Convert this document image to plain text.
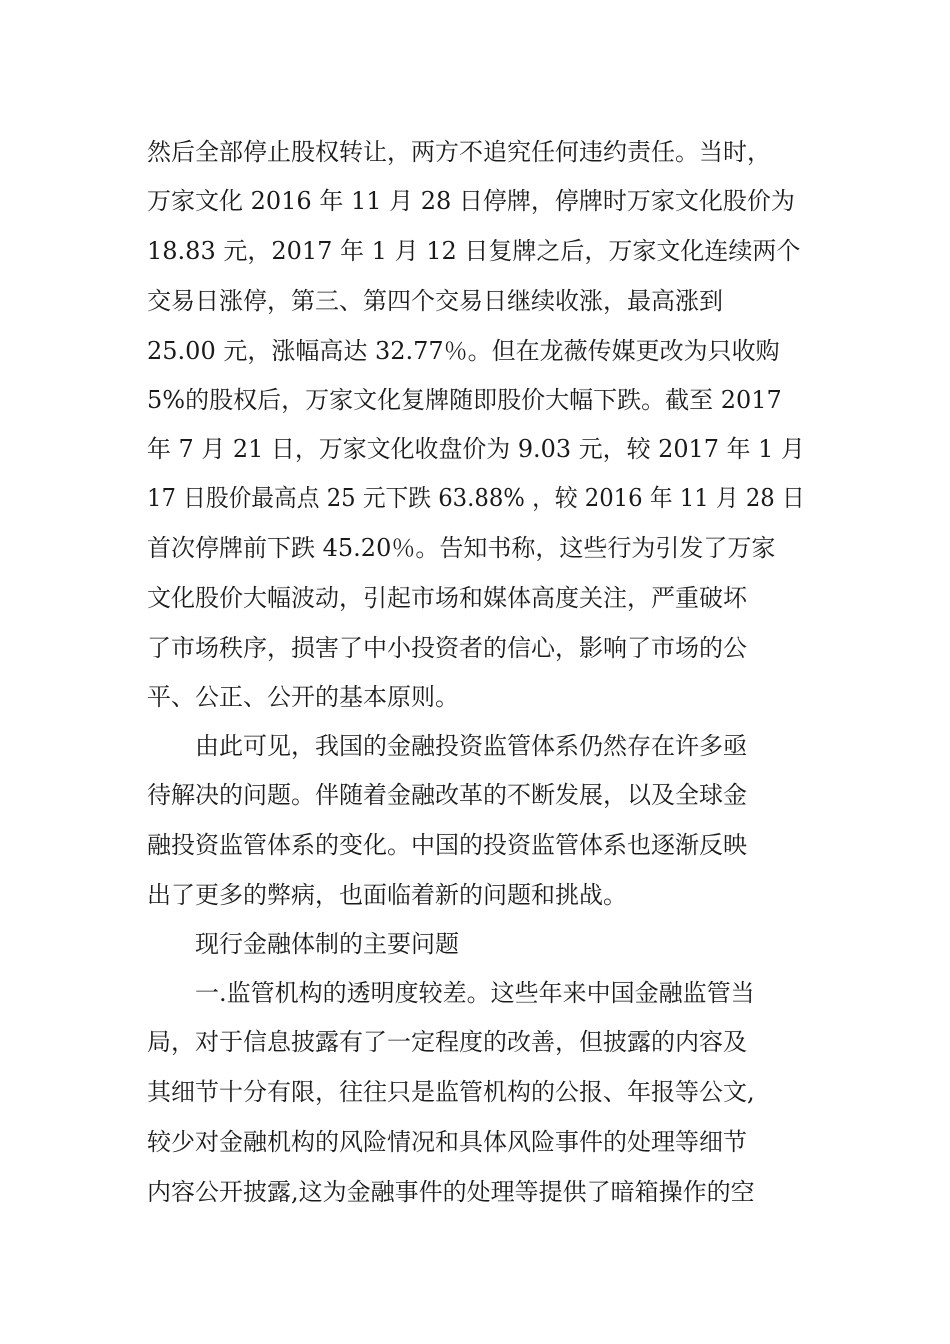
然后全部停止股权转让，两方不追究任何违约责任。当时，

万家文化 2016 年 11 月 28 日停牌，停牌时万家文化股价为

18.83 元，2017 年 1 月 12 日复牌之后，万家文化连续两个

交易日涨停，第三、第四个交易日继续收涨，最高涨到

25.00 元，涨幅高达 32.77％。但在龙薇传媒更改为只收购

5%的股权后，万家文化复牌随即股价大幅下跌。截至 2017

年 7 月 21 日，万家文化收盘价为 9.03 元，较 2017 年 1 月

17 日股价最高点 25 元下跌 63.88% ，较 2016 年 11 月 28 日

首次停牌前下跌 45.20％。告知书称，这些行为引发了万家

文化股价大幅波动，引起市场和媒体高度关注，严重破坏

了市场秩序，损害了中小投资者的信心，影响了市场的公

平、公正、公开的基本原则。

由此可见，我国的金融投资监管体系仍然存在许多亟

待解决的问题。伴随着金融改革的不断发展，以及全球金

融投资监管体系的变化。中国的投资监管体系也逐渐反映

出了更多的弊病，也面临着新的问题和挑战。

现行金融体制的主要问题

一.监管机构的透明度较差。这些年来中国金融监管当

局，对于信息披露有了一定程度的改善，但披露的内容及

其细节十分有限，往往只是监管机构的公报、年报等公文,

较少对金融机构的风险情况和具体风险事件的处理等细节

内容公开披露,这为金融事件的处理等提供了暗箱操作的空
